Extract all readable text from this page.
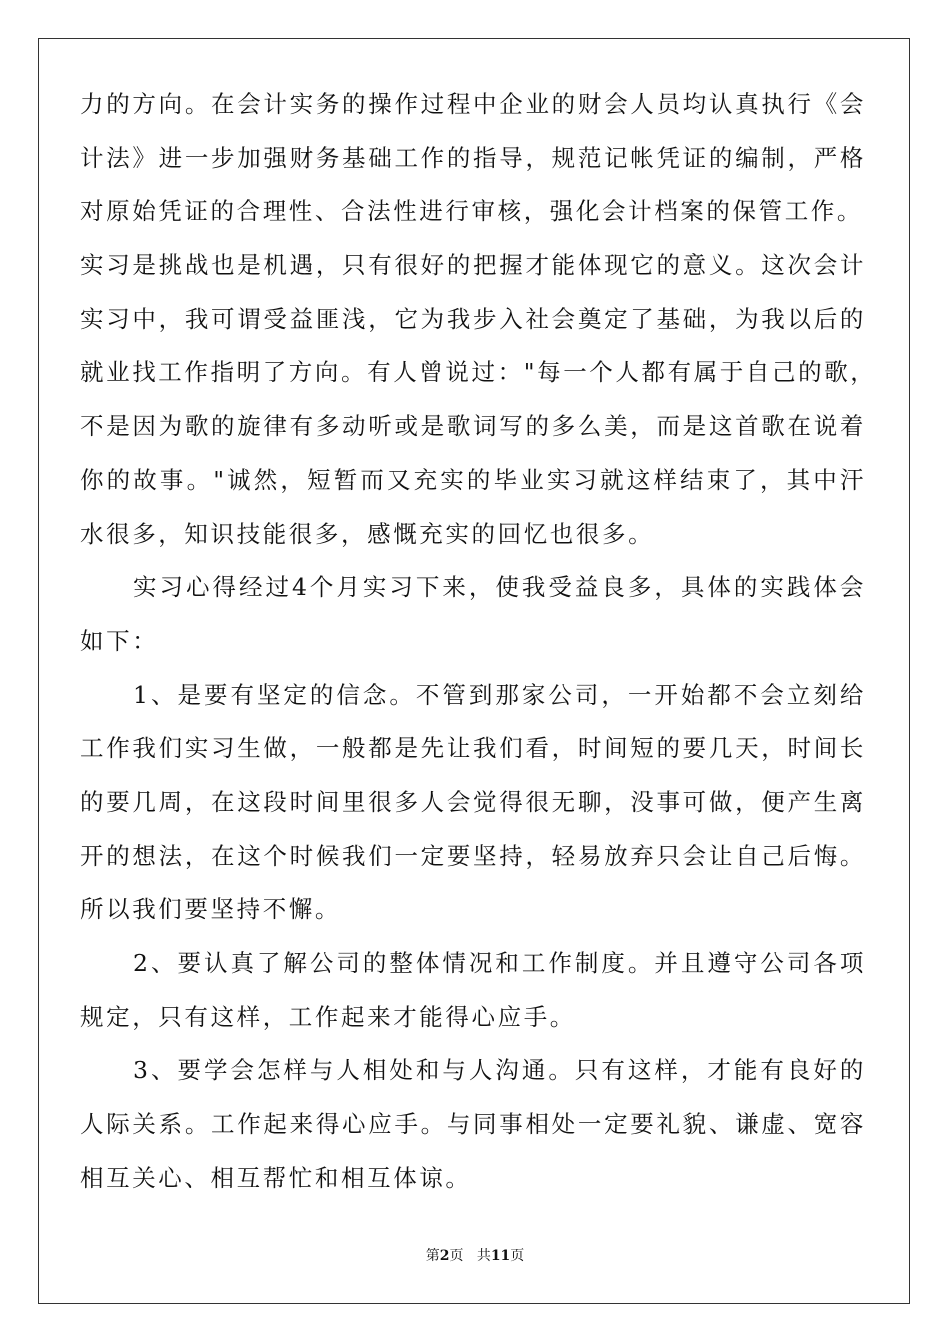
力的方向。在会计实务的操作过程中企业的财会人员均认真执行《会
计法》进一步加强财务基础工作的指导，规范记帐凭证的编制，严格
对原始凭证的合理性、合法性进行审核，强化会计档案的保管工作。
实习是挑战也是机遇，只有很好的把握才能体现它的意义。这次会计
实习中，我可谓受益匪浅，它为我步入社会奠定了基础，为我以后的
就业找工作指明了方向。有人曾说过："每一个人都有属于自己的歌，
不是因为歌的旋律有多动听或是歌词写的多么美，而是这首歌在说着
你的故事。"诚然，短暂而又充实的毕业实习就这样结束了，其中汗
水很多，知识技能很多，感慨充实的回忆也很多。
　　实习心得经过4个月实习下来，使我受益良多，具体的实践体会
如下：
　　1、是要有坚定的信念。不管到那家公司，一开始都不会立刻给
工作我们实习生做，一般都是先让我们看，时间短的要几天，时间长
的要几周，在这段时间里很多人会觉得很无聊，没事可做，便产生离
开的想法，在这个时候我们一定要坚持，轻易放弃只会让自己后悔。
所以我们要坚持不懈。
　　2、要认真了解公司的整体情况和工作制度。并且遵守公司各项
规定，只有这样，工作起来才能得心应手。
　　3、要学会怎样与人相处和与人沟通。只有这样，才能有良好的
人际关系。工作起来得心应手。与同事相处一定要礼貌、谦虚、宽容
相互关心、相互帮忙和相互体谅。
第2页 共11页
